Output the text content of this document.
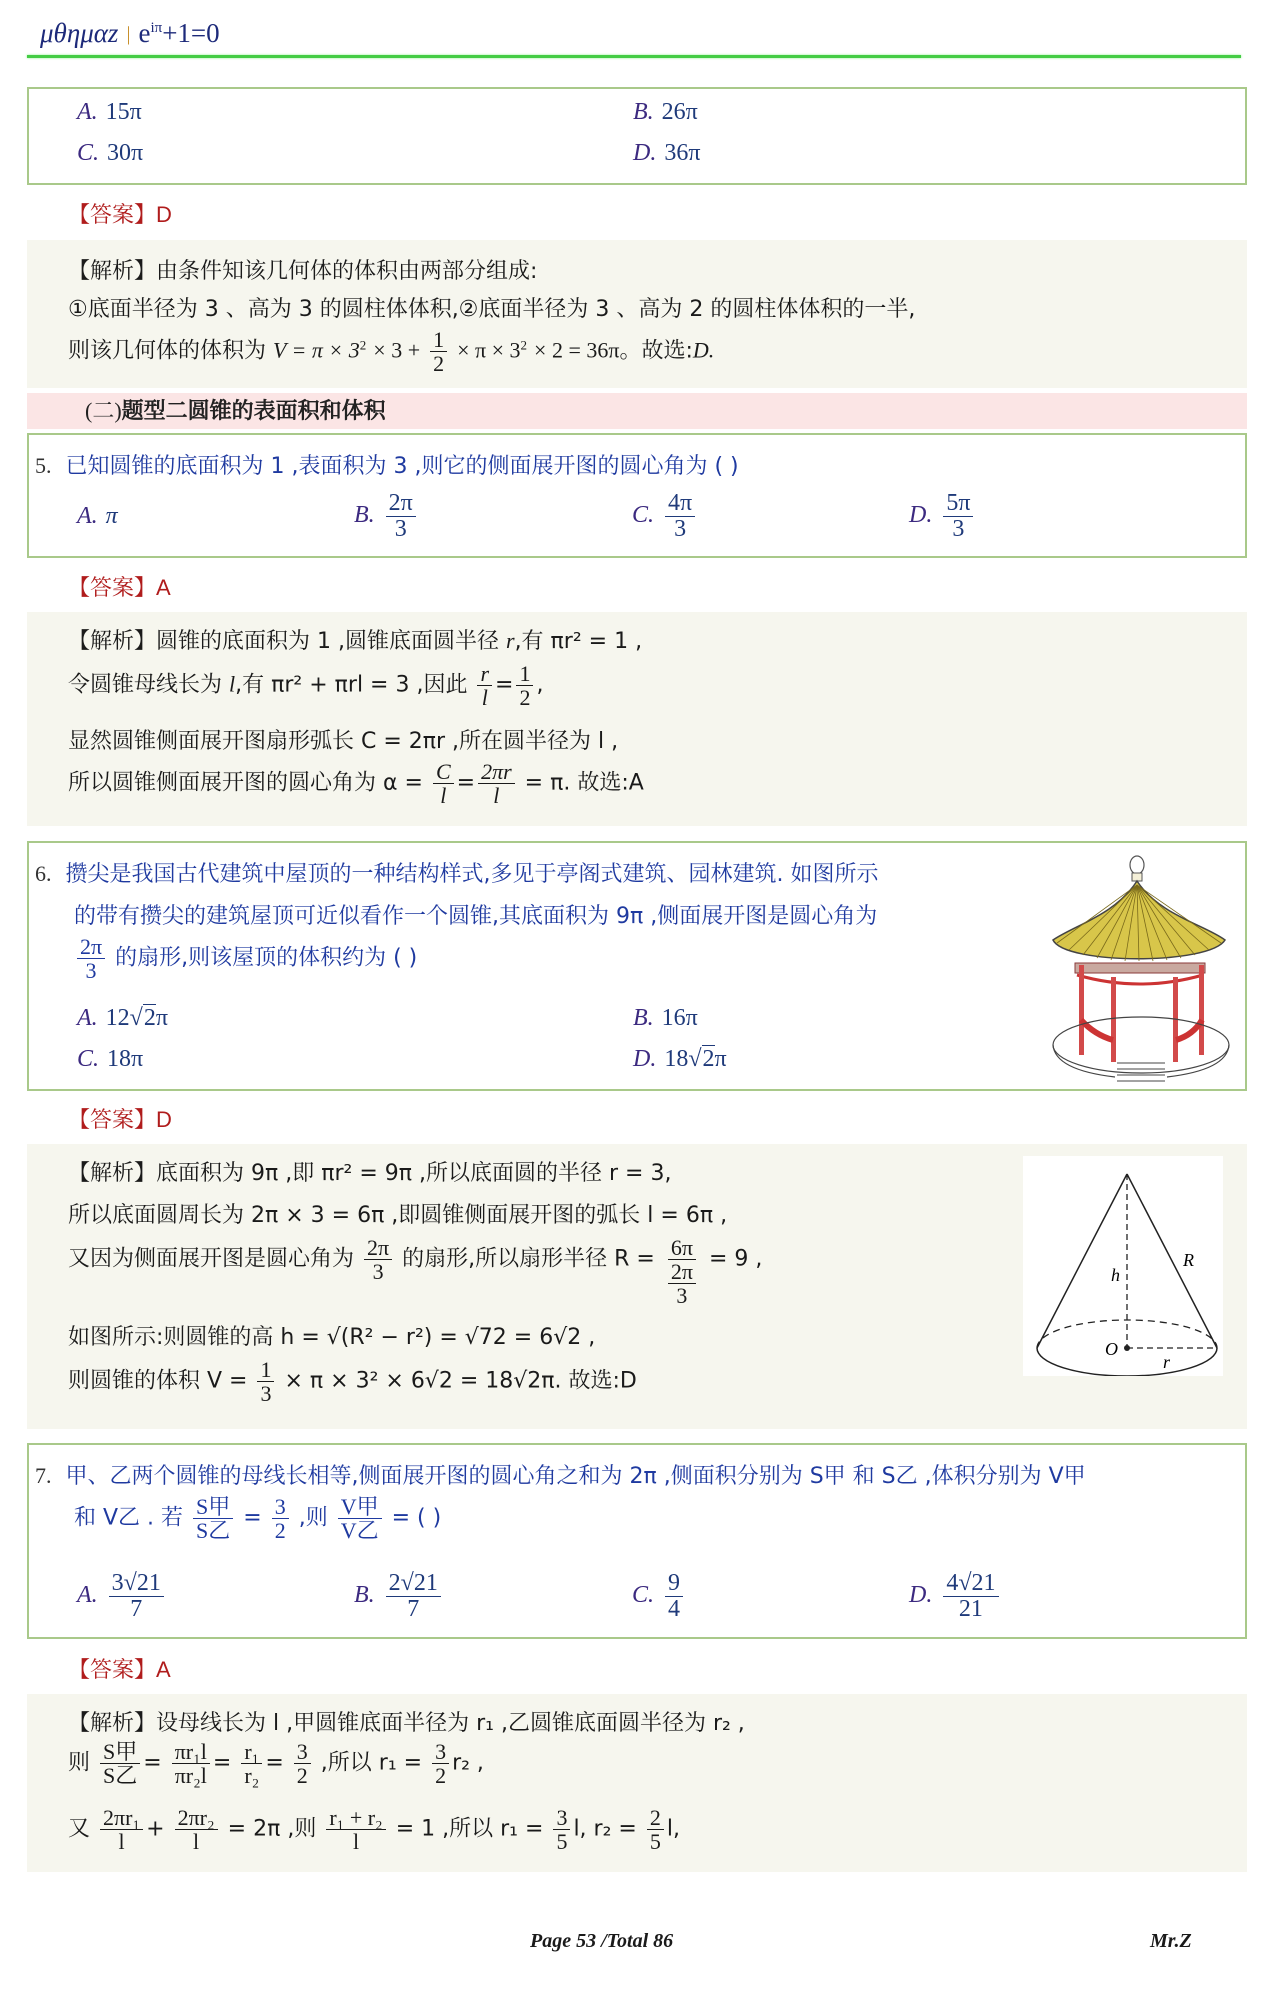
μθημαz | $e^{i\pi}+1=0$
A. 15π	B. 26π
C. 30π	D. 36π
【答案】D
【解析】由条件知该几何体的体积由两部分组成:
①底面半径为 3 、高为 3 的圆柱体体积,②底面半径为 3 、高为 2 的圆柱体体积的一半,
则该几何体的体积为 $V = \pi \times 3^2 \times 3 + \frac{1}{2} \times \pi \times 3^2 \times 2 = 36\pi$。故选:D.
(二)题型二圆锥的表面积和体积
5. 已知圆锥的底面积为 1 ,表面积为 3 ,则它的侧面展开图的圆心角为 ( )
A. π	B. $\frac{2\pi}{3}$	C. $\frac{4\pi}{3}$	D. $\frac{5\pi}{3}$
【答案】A
【解析】圆锥的底面积为 1 ,圆锥底面圆半径 r,有 πr² = 1 ,
令圆锥母线长为 l,有 πr² + πrl = 3 ,因此 $\frac{r}{l} = \frac{1}{2}$ ,
显然圆锥侧面展开图扇形弧长 C = 2πr ,所在圆半径为 l ,
所以圆锥侧面展开图的圆心角为 $\alpha = \frac{C}{l} = \frac{2\pi r}{l} = \pi$. 故选:A
6. 攒尖是我国古代建筑中屋顶的一种结构样式,多见于亭阁式建筑、园林建筑. 如图所示
的带有攒尖的建筑屋顶可近似看作一个圆锥,其底面积为 9π ,侧面展开图是圆心角为
$\frac{2\pi}{3}$ 的扇形,则该屋顶的体积约为 ( )
A. 12√2π	B. 16π
C. 18π	D. 18√2π
【答案】D
【解析】底面积为 9π ,即 πr² = 9π ,所以底面圆的半径 r = 3,
所以底面圆周长为 2π × 3 = 6π ,即圆锥侧面展开图的弧长 l = 6π ,
又因为侧面展开图是圆心角为 $\frac{2\pi}{3}$ 的扇形,所以扇形半径 $R = \frac{6\pi}{\frac{2\pi}{3}} = 9$ ,
如图所示:则圆锥的高 h = √(R² − r²) = √72 = 6√2 ,
则圆锥的体积 $V = \frac{1}{3} \times \pi \times 3^2 \times 6√2 = 18√2\pi$. 故选:D
h
R
O
r
7. 甲、乙两个圆锥的母线长相等,侧面展开图的圆心角之和为 2π ,侧面积分别为 S甲 和 S乙 ,体积分别为 V甲
和 V乙 . 若 $\frac{\text{S甲}}{\text{S乙}} = \frac{3}{2}$ ,则 $\frac{\text{V甲}}{\text{V乙}}$ = ( )
A. $\frac{3√21}{7}$	B. $\frac{2√21}{7}$	C. $\frac{9}{4}$	D. $\frac{4√21}{21}$
【答案】A
【解析】设母线长为 l ,甲圆锥底面半径为 r₁ ,乙圆锥底面圆半径为 r₂ ,
则 $\frac{\text{S甲}}{\text{S乙}} = \frac{\text{πr₁l}}{\text{πr₂l}} = \frac{\text{r₁}}{\text{r₂}} = \frac{3}{2}$ ,所以 $r_1 = \frac{3}{2} r_2$ ,
又 $\frac{\text{2πr₁}}{l} + \frac{\text{2πr₂}}{l} = 2\pi$ ,则 $\frac{\text{r₁ + r₂}}{l} = 1$ ,所以 $r_1 = \frac{3}{5} l$, $r_2 = \frac{2}{5} l$,
Page 53 /Total 86	Mr.Z
